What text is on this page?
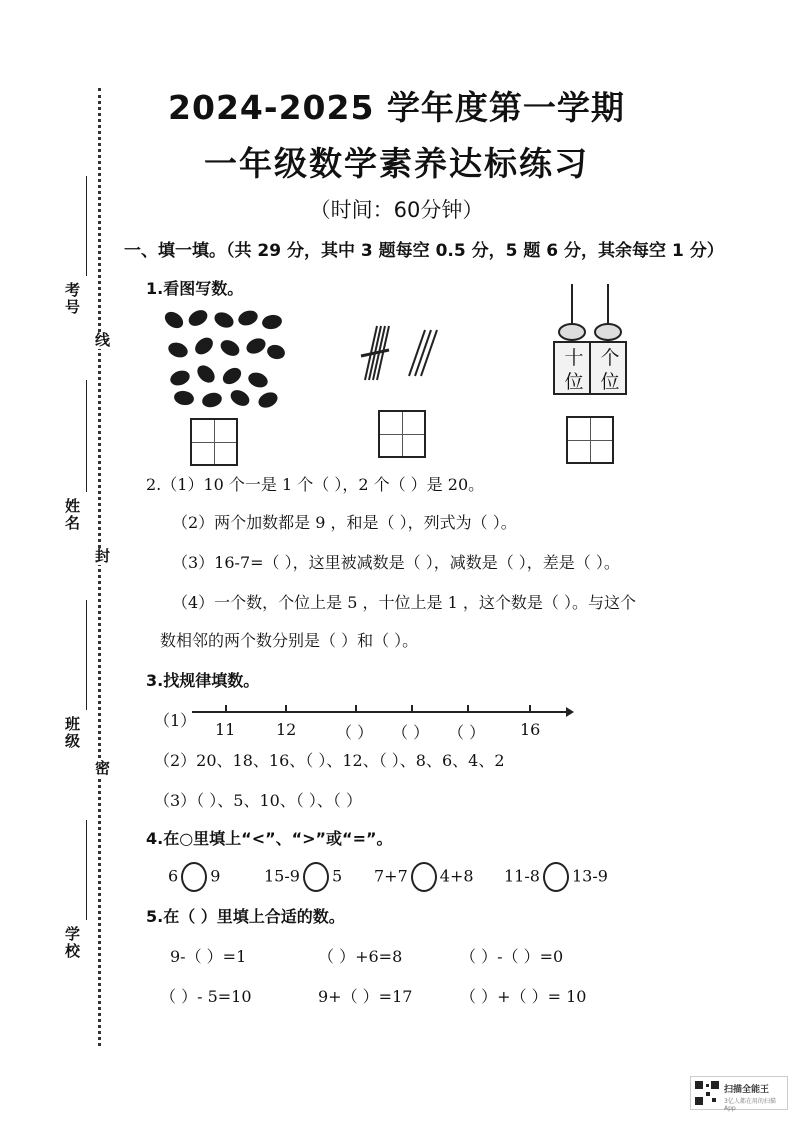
考号
姓名
班级
学校
线
封
密
2024-2025 学年度第一学期
一年级数学素养达标练习
（时间：60分钟）
一、填一填。（共 29 分，其中 3 题每空 0.5 分，5 题 6 分，其余每空 1 分）
1.看图写数。
十位
个位
2.（1）10 个一是 1 个（ ），2 个（ ）是 20。
（2）两个加数都是 9 ，和是（ ），列式为（ ）。
（3）16-7=（ ），这里被减数是（ ），减数是（ ），差是（ ）。
（4）一个数，个位上是 5 ，十位上是 1 ，这个数是（ ）。与这个
数相邻的两个数分别是（ ）和（ ）。
3.找规律填数。
（1） 11	12 （ ） （ ） （ ） 16
（2）20、18、16、（ ）、12、（ ）、8、6、4、2
（3）（ ）、5、10、（ ）、（ ）
4.在○里填上“<”、“>”或“=”。
6 9	15-9 5 7+7 4+8 11-8 13-9
5.在（ ）里填上合适的数。
9-（ ）=1	（ ）+6=8	（ ）-（ ）=0
（ ）- 5=10	9+（ ）=17	（ ）+（ ）= 10
扫描全能王
3亿人都在用的扫描App
